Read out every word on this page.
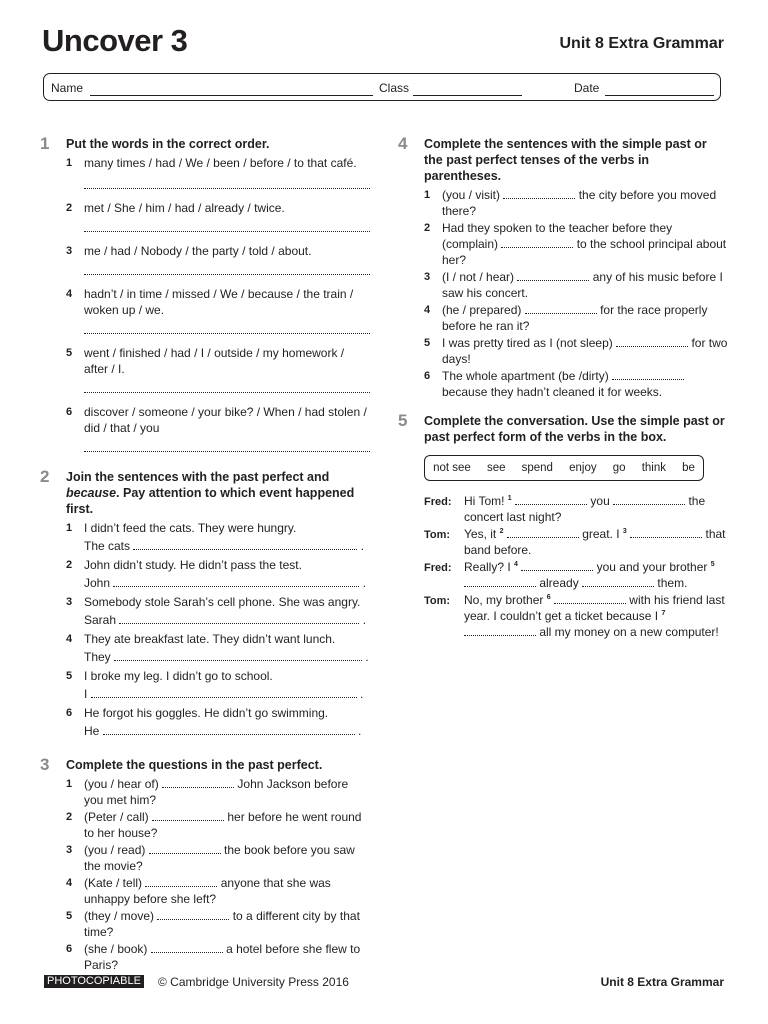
Uncover 3	Unit 8 Extra Grammar
Name	Class	Date
1 Put the words in the correct order.
1 many times / had / We / been / before / to that café.
2 met / She / him / had / already / twice.
3 me / had / Nobody / the party / told / about.
4 hadn’t / in time / missed / We / because / the train / woken up / we.
5 went / finished / had / I / outside / my homework / after / I.
6 discover / someone / your bike? / When / had stolen / did / that / you
2 Join the sentences with the past perfect and because. Pay attention to which event happened first.
1 I didn’t feed the cats. They were hungry.
The cats	.
2 John didn’t study. He didn’t pass the test.
John	.
3 Somebody stole Sarah’s cell phone. She was angry.
Sarah	.
4 They ate breakfast late. They didn’t want lunch.
They	.
5 I broke my leg. I didn’t go to school.
I	.
6 He forgot his goggles. He didn’t go swimming.
He	.
3 Complete the questions in the past perfect.
1 (you / hear of)	John Jackson before you met him?
2 (Peter / call)	her before he went round to her house?
3 (you / read)	the book before you saw the movie?
4 (Kate / tell)	anyone that she was unhappy before she left?
5 (they / move)	to a different city by that time?
6 (she / book)	a hotel before she flew to Paris?
4 Complete the sentences with the simple past or the past perfect tenses of the verbs in parentheses.
1 (you / visit)	the city before you moved there?
2 Had they spoken to the teacher before they (complain)	to the school principal about her?
3 (I / not / hear)	any of his music before I saw his concert.
4 (he / prepared)	for the race properly before he ran it?
5 I was pretty tired as I (not sleep)	for two days!
6 The whole apartment (be /dirty)  because they hadn’t cleaned it for weeks.
5 Complete the conversation. Use the simple past or past perfect form of the verbs in the box.
not see see spend enjoy go think be
Fred: Hi Tom! $^1$	you	the concert last night?
Tom: Yes, it $^2$	great. I $^3$	that band before.
Fred: Really? I $^4$	you and your brother $^5$  already	them.
Tom: No, my brother $^6$	with his friend last year. I couldn’t get a ticket because I $^7$  all my money on a new computer!
PHOTOCOPIABLE © Cambridge University Press 2016	Unit 8 Extra Grammar
